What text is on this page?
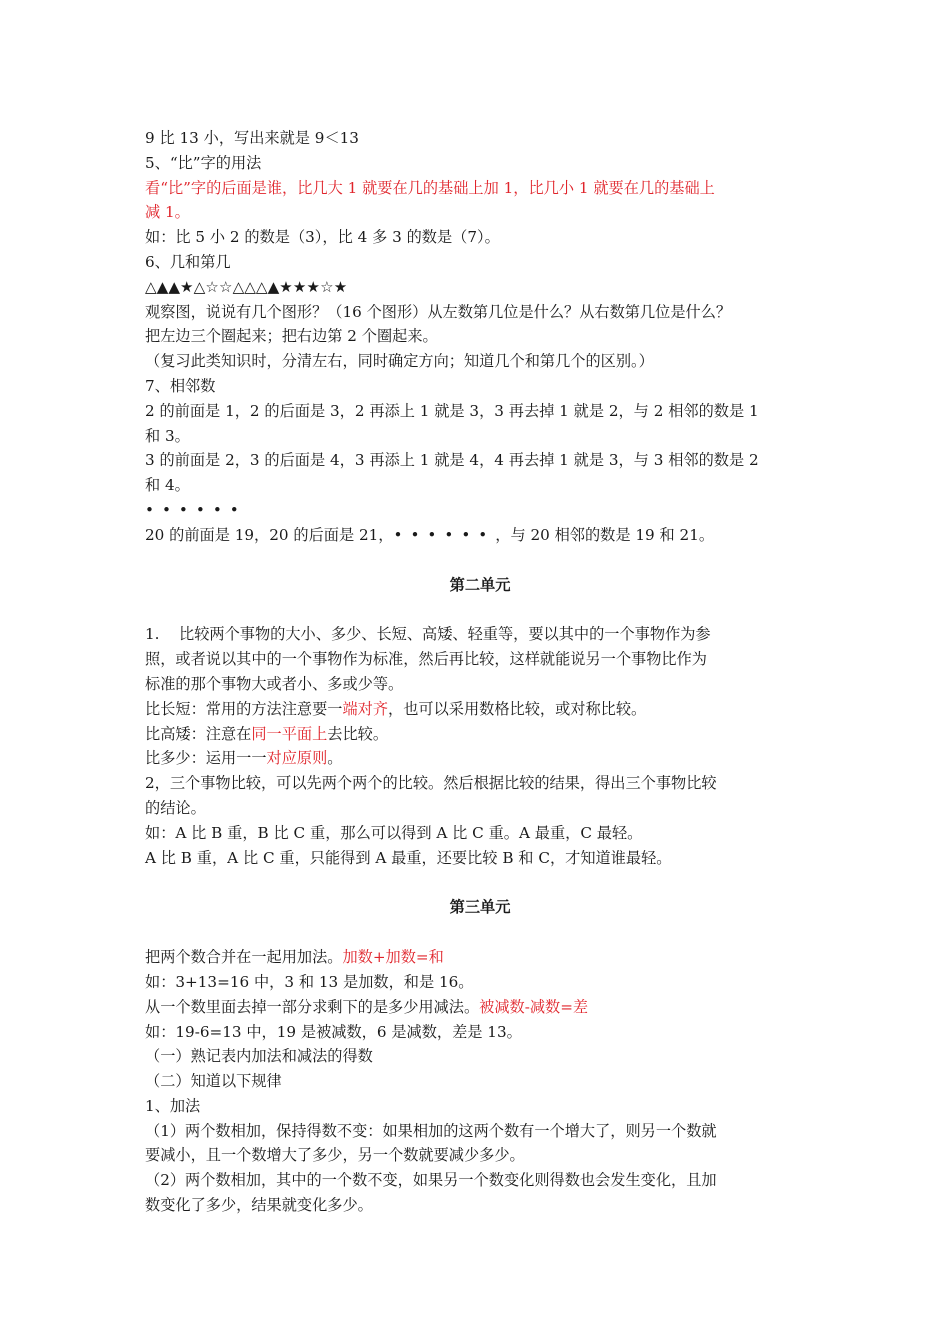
9 比 13 小，写出来就是 9＜13
5、“比”字的用法
看“比”字的后面是谁，比几大 1 就要在几的基础上加 1，比几小 1 就要在几的基础上
减 1。
如：比 5 小 2 的数是（3），比 4 多 3 的数是（7）。
6、几和第几
△▲▲★△☆☆△△△▲★★★☆★
观察图，说说有几个图形？（16 个图形）从左数第几位是什么？从右数第几位是什么？
把左边三个圈起来；把右边第 2 个圈起来。
（复习此类知识时，分清左右，同时确定方向；知道几个和第几个的区别。）
7、相邻数
2 的前面是 1，2 的后面是 3，2 再添上 1 就是 3，3 再去掉 1 就是 2，与 2 相邻的数是 1
和 3。
3 的前面是 2，3 的后面是 4，3 再添上 1 就是 4，4 再去掉 1 就是 3，与 3 相邻的数是 2
和 4。
••••••
20 的前面是 19，20 的后面是 21，••••••，与 20 相邻的数是 19 和 21。
第二单元
1. 比较两个事物的大小、多少、长短、高矮、轻重等，要以其中的一个事物作为参
照，或者说以其中的一个事物作为标准，然后再比较，这样就能说另一个事物比作为
标准的那个事物大或者小、多或少等。
比长短：常用的方法注意要一端对齐，也可以采用数格比较，或对称比较。
比高矮：注意在同一平面上去比较。
比多少：运用一一对应原则。
2，三个事物比较，可以先两个两个的比较。然后根据比较的结果，得出三个事物比较
的结论。
如：A 比 B 重，B 比 C 重，那么可以得到 A 比 C 重。A 最重，C 最轻。
A 比 B 重，A 比 C 重，只能得到 A 最重，还要比较 B 和 C，才知道谁最轻。
第三单元
把两个数合并在一起用加法。加数+加数=和
如：3+13=16 中，3 和 13 是加数，和是 16。
从一个数里面去掉一部分求剩下的是多少用减法。被减数-减数=差
如：19-6=13 中，19 是被减数，6 是减数，差是 13。
（一）熟记表内加法和减法的得数
（二）知道以下规律
1、加法
（1）两个数相加，保持得数不变：如果相加的这两个数有一个增大了，则另一个数就
要减小，且一个数增大了多少，另一个数就要减少多少。
（2）两个数相加，其中的一个数不变，如果另一个数变化则得数也会发生变化，且加
数变化了多少，结果就变化多少。
